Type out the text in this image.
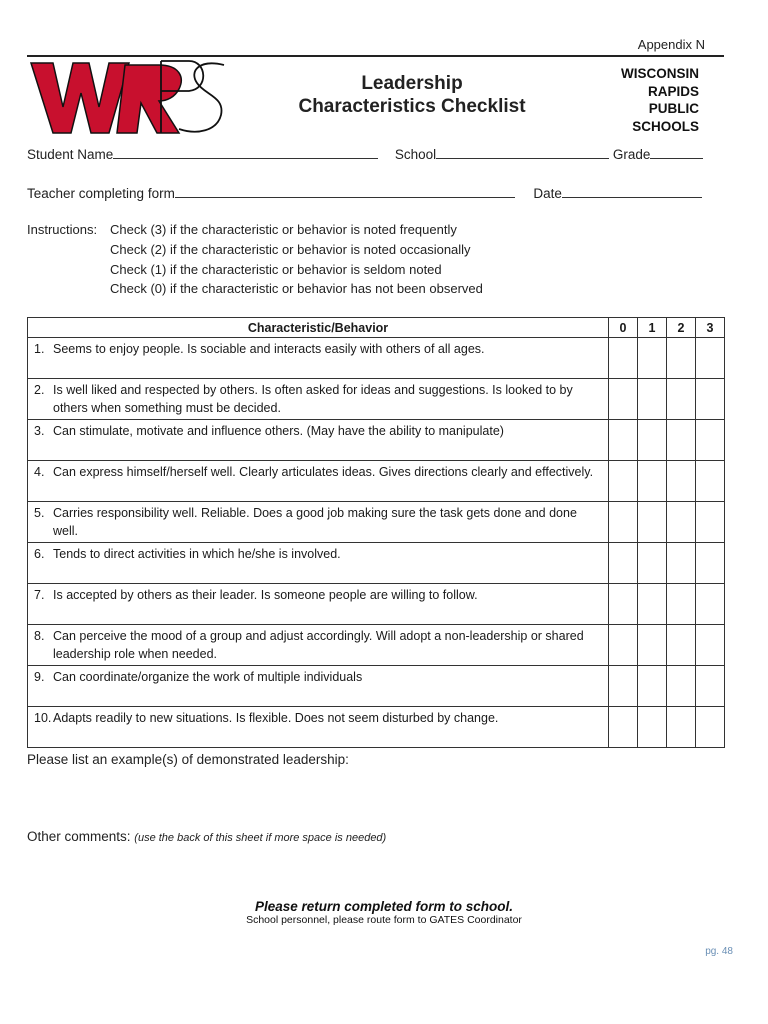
Appendix N
Leadership
Characteristics Checklist
WISCONSIN
RAPIDS
PUBLIC
SCHOOLS
Student Name	School	Grade
Teacher completing form	Date
Instructions: Check (3) if the characteristic or behavior is noted frequently
Check (2) if the characteristic or behavior is noted occasionally
Check (1) if the characteristic or behavior is seldom noted
Check (0) if the characteristic or behavior has not been observed
Characteristic/Behavior	0	1	2	3

1. Seems to enjoy people. Is sociable and interacts easily with others of all ages.				

2. Is well liked and respected by others. Is often asked for ideas and suggestions. Is looked to by others when something must be decided.				

3. Can stimulate, motivate and influence others. (May have the ability to manipulate)				

4. Can express himself/herself well. Clearly articulates ideas. Gives directions clearly and effectively.				

5. Carries responsibility well. Reliable. Does a good job making sure the task gets done and done well.				

6. Tends to direct activities in which he/she is involved.				

7. Is accepted by others as their leader. Is someone people are willing to follow.				

8. Can perceive the mood of a group and adjust accordingly. Will adopt a non-leadership or shared leadership role when needed.				

9. Can coordinate/organize the work of multiple individuals				

10. Adapts readily to new situations. Is flexible. Does not seem disturbed by change.				
Please list an example(s) of demonstrated leadership:
Other comments: (use the back of this sheet if more space is needed)
Please return completed form to school.
School personnel, please route form to GATES Coordinator
pg. 48
